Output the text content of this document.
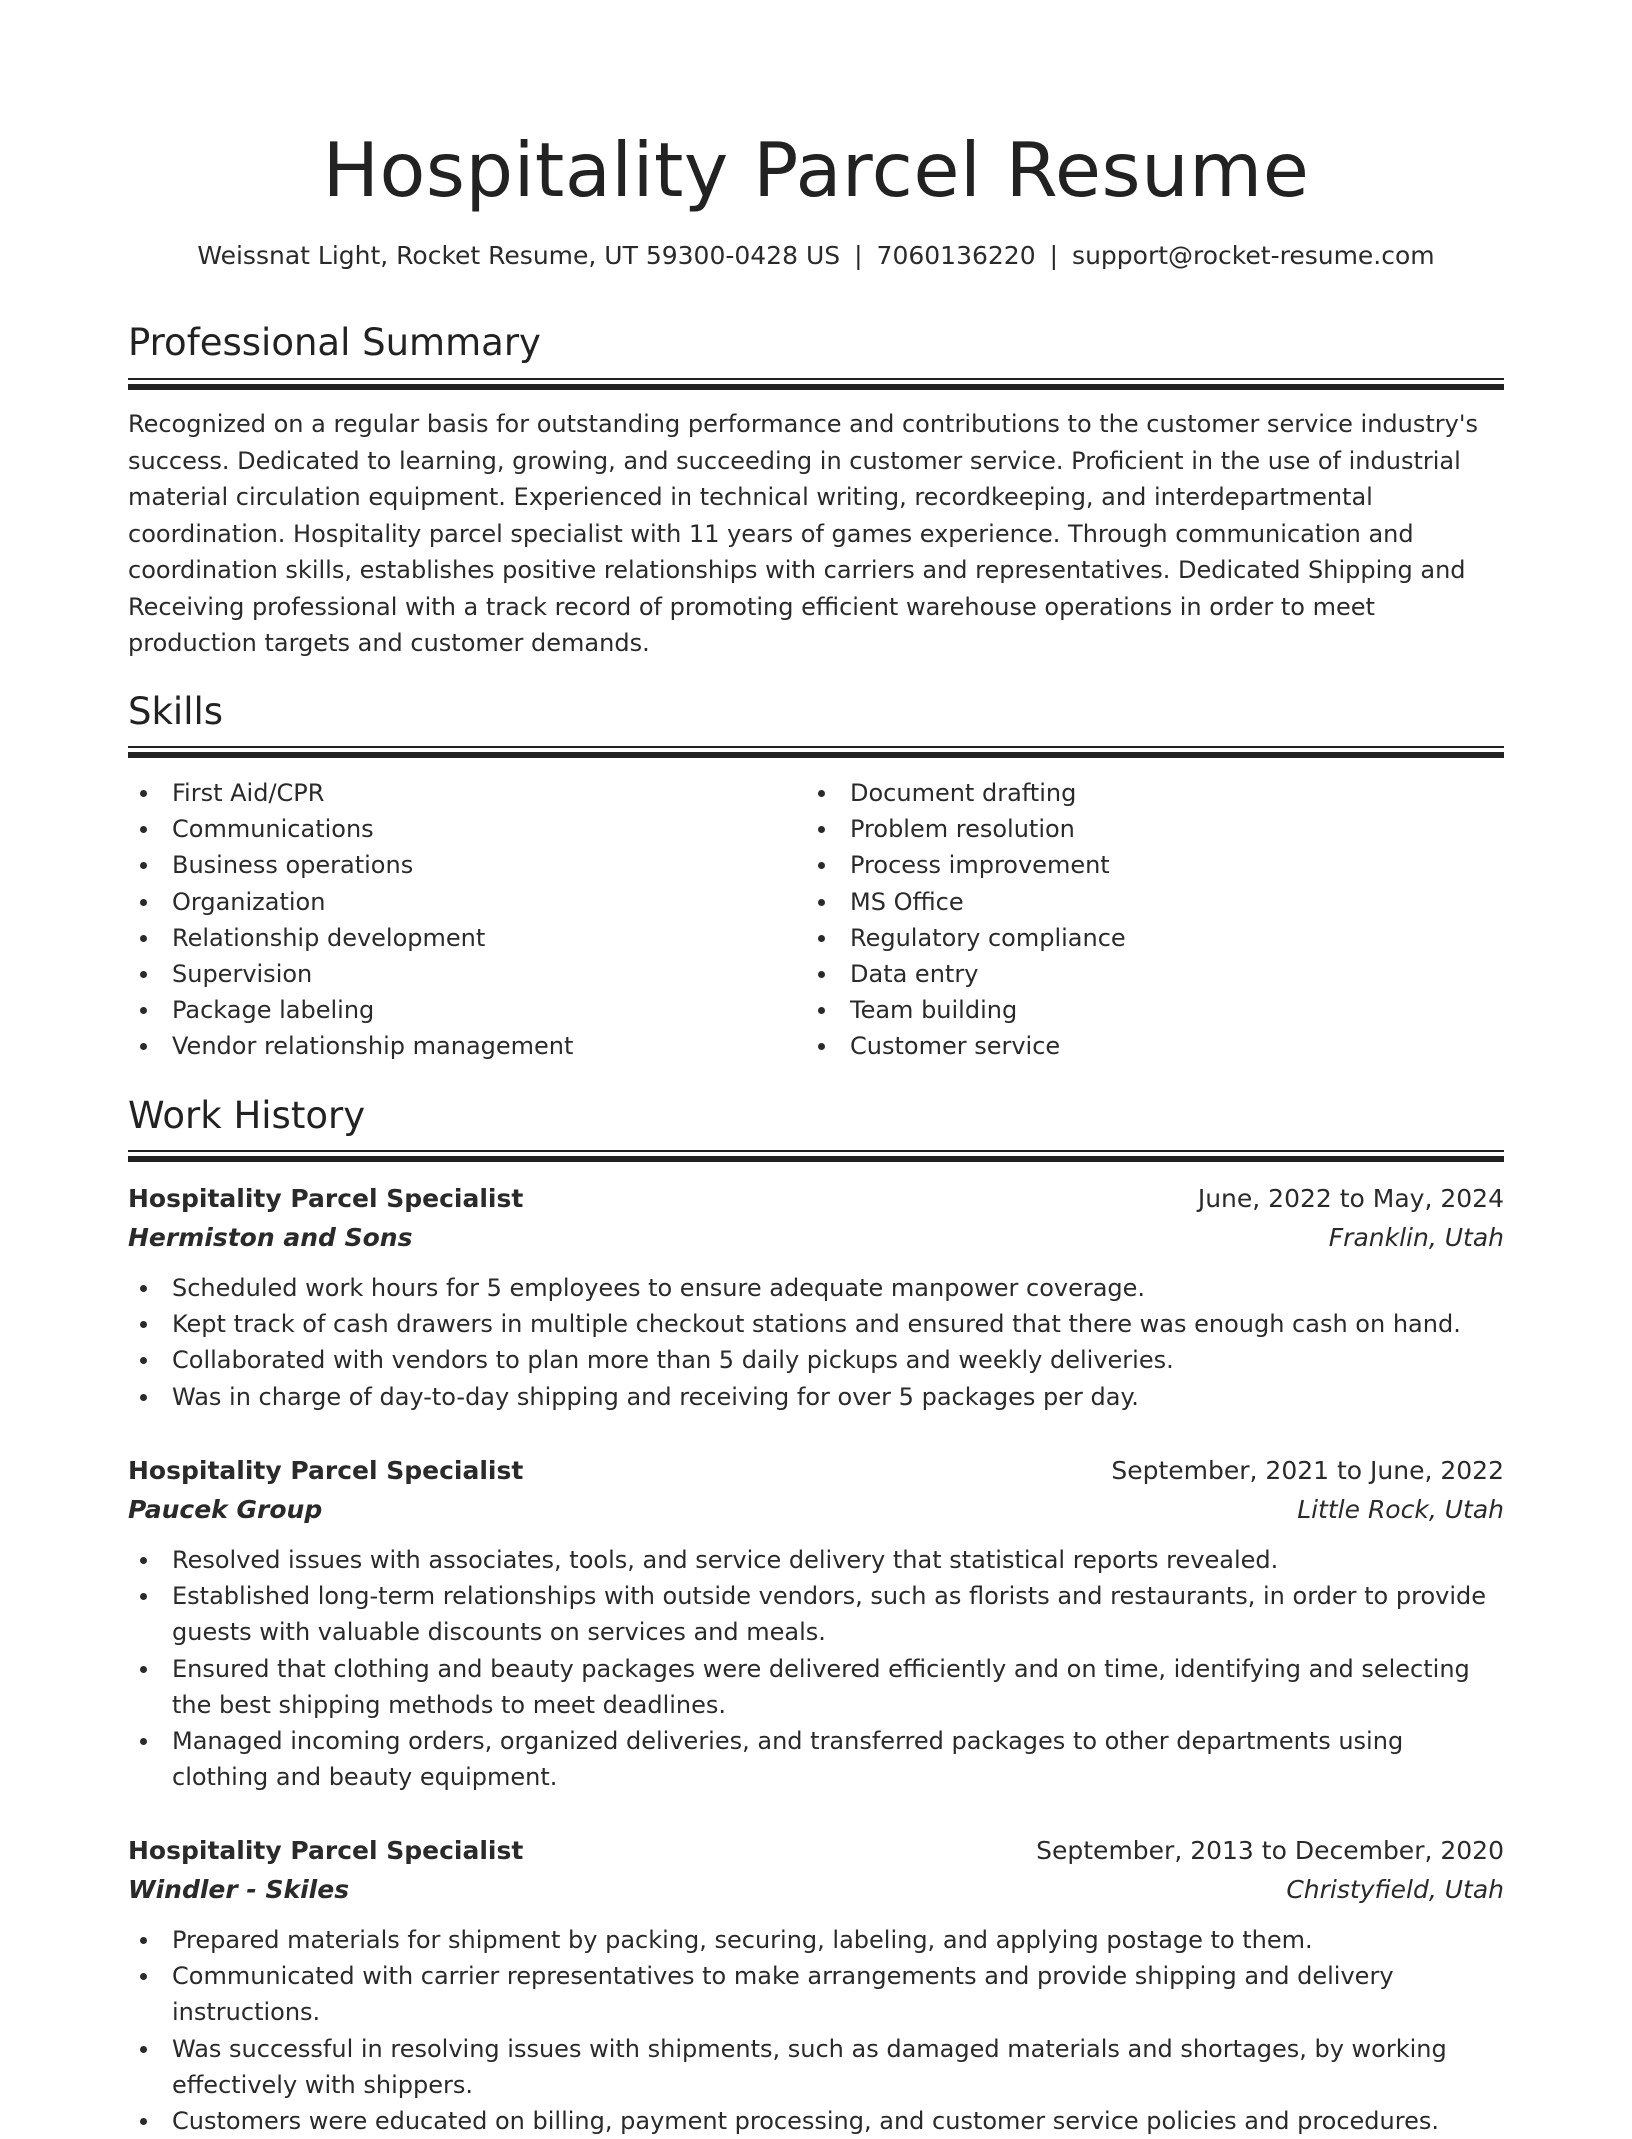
Hospitality Parcel Resume
Weissnat Light, Rocket Resume, UT 59300-0428 US | 7060136220 | support@rocket-resume.com
Professional Summary

Recognized on a regular basis for outstanding performance and contributions to the customer service industry's success. Dedicated to learning, growing, and succeeding in customer service. Proficient in the use of industrial material circulation equipment. Experienced in technical writing, recordkeeping, and interdepartmental coordination. Hospitality parcel specialist with 11 years of games experience. Through communication and coordination skills, establishes positive relationships with carriers and representatives. Dedicated Shipping and Receiving professional with a track record of promoting efficient warehouse operations in order to meet production targets and customer demands.

Skills
First Aid/CPR
Communications
Business operations
Organization
Relationship development
Supervision
Package labeling
Vendor relationship management
Document drafting
Problem resolution
Process improvement
MS Office
Regulatory compliance
Data entry
Team building
Customer service
Work History
Hospitality Parcel Specialist	June, 2022 to May, 2024
Hermiston and Sons	Franklin, Utah
Scheduled work hours for 5 employees to ensure adequate manpower coverage.
Kept track of cash drawers in multiple checkout stations and ensured that there was enough cash on hand.
Collaborated with vendors to plan more than 5 daily pickups and weekly deliveries.
Was in charge of day-to-day shipping and receiving for over 5 packages per day.
Hospitality Parcel Specialist	September, 2021 to June, 2022
Paucek Group	Little Rock, Utah
Resolved issues with associates, tools, and service delivery that statistical reports revealed.
Established long-term relationships with outside vendors, such as florists and restaurants, in order to provide guests with valuable discounts on services and meals.
Ensured that clothing and beauty packages were delivered efficiently and on time, identifying and selecting the best shipping methods to meet deadlines.
Managed incoming orders, organized deliveries, and transferred packages to other departments using clothing and beauty equipment.
Hospitality Parcel Specialist	September, 2013 to December, 2020
Windler - Skiles	Christyfield, Utah
Prepared materials for shipment by packing, securing, labeling, and applying postage to them.
Communicated with carrier representatives to make arrangements and provide shipping and delivery instructions.
Was successful in resolving issues with shipments, such as damaged materials and shortages, by working effectively with shippers.
Customers were educated on billing, payment processing, and customer service policies and procedures.
